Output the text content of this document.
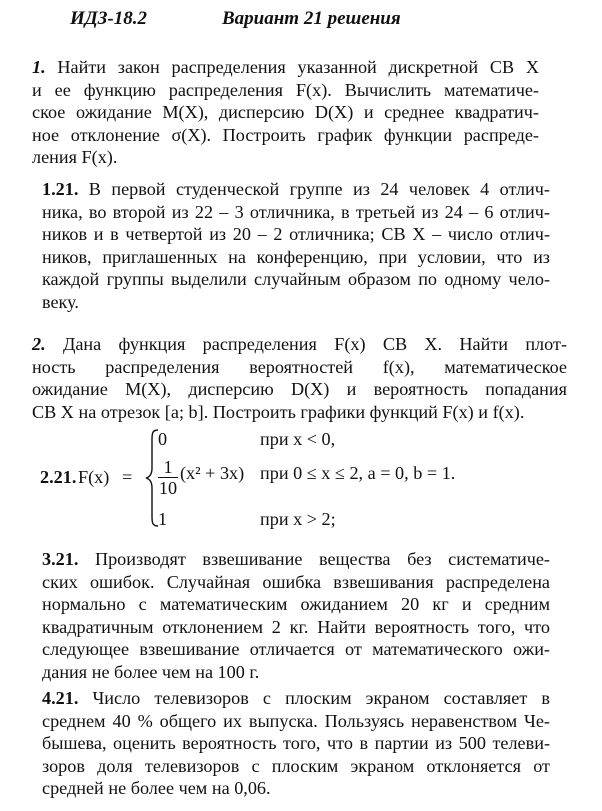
ИДЗ-18.2	Вариант 21 решения
1. Найти закон распределения указанной дискретной СВ X
и ее функцию распределения F(x). Вычислить математиче-
ское ожидание M(X), дисперсию D(X) и среднее квадратич-
ное отклонение σ(X). Построить график функции распреде-
ления F(x).
1.21. В первой студенческой группе из 24 человек 4 отлич-
ника, во второй из 22 – 3 отличника, в третьей из 24 – 6 отлич-
ников и в четвертой из 20 – 2 отличника; СВ X – число отлич-
ников, приглашенных на конференцию, при условии, что из
каждой группы выделили случайным образом по одному чело-
веку.
2. Дана функция распределения F(x) СВ X. Найти плот-
ность распределения вероятностей f(x), математическое
ожидание M(X), дисперсию D(X) и вероятность попадания
СВ X на отрезок [a; b]. Построить графики функций F(x) и f(x).
2.21. F(x) =
0	при x < 0,
1
10
(x² + 3x) при 0 ≤ x ≤ 2, a = 0, b = 1.
1	при x > 2;
3.21. Производят взвешивание вещества без систематиче-
ских ошибок. Случайная ошибка взвешивания распределена
нормально с математическим ожиданием 20 кг и средним
квадратичным отклонением 2 кг. Найти вероятность того, что
следующее взвешивание отличается от математического ожи-
дания не более чем на 100 г.
4.21. Число телевизоров с плоским экраном составляет в
среднем 40 % общего их выпуска. Пользуясь неравенством Че-
бышева, оценить вероятность того, что в партии из 500 телеви-
зоров доля телевизоров с плоским экраном отклоняется от
средней не более чем на 0,06.
